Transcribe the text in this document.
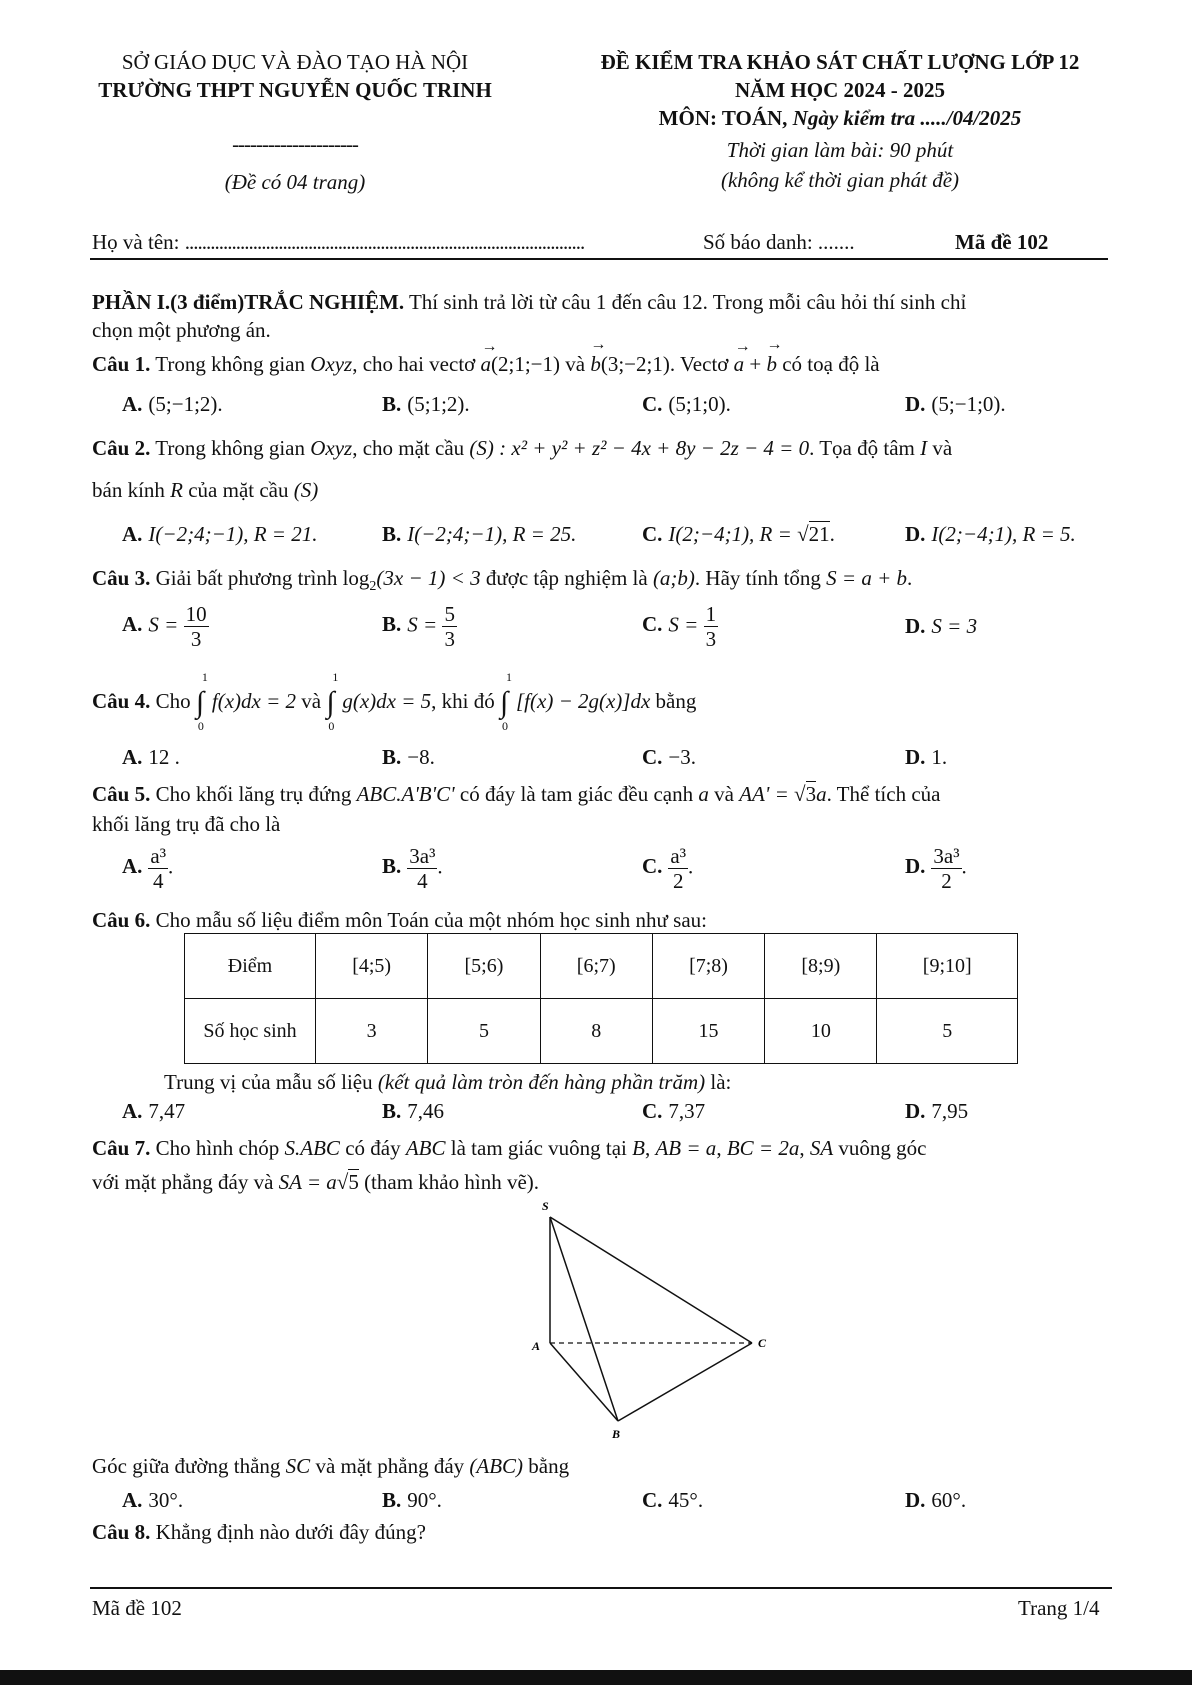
SỞ GIÁO DỤC VÀ ĐÀO TẠO HÀ NỘI
TRƯỜNG THPT NGUYỄN QUỐC TRINH
---------------------
(Đề có 04 trang)
ĐỀ KIỂM TRA KHẢO SÁT CHẤT LƯỢNG LỚP 12
NĂM HỌC 2024 - 2025
MÔN: TOÁN, Ngày kiểm tra ...../04/2025
Thời gian làm bài: 90 phút
(không kể thời gian phát đề)
Họ và tên: ..............................................................................................	Số báo danh: .......	Mã đề 102
PHẦN I.(3 điểm)TRẮC NGHIỆM. Thí sinh trả lời từ câu 1 đến câu 12. Trong mỗi câu hỏi thí sinh chỉ
chọn một phương án.
Câu 1. Trong không gian Oxyz, cho hai vectơ
→
a(2;1;−1) và
→
b(3;−2;1). Vectơ
→
a +
→
b có toạ độ là
A. (5;−1;2).	B. (5;1;2).	C. (5;1;0).	D. (5;−1;0).
Câu 2. Trong không gian Oxyz, cho mặt cầu (S) : x² + y² + z² − 4x + 8y − 2z − 4 = 0. Tọa độ tâm I và
bán kính R của mặt cầu (S)
A. I(−2;4;−1), R = 21.	B. I(−2;4;−1), R = 25.	C. I(2;−4;1), R = √21.	D. I(2;−4;1), R = 5.
Câu 3. Giải bất phương trình $\log_2(3x - 1) < 3$ được tập nghiệm là (a;b). Hãy tính tổng S = a + b.
A. $S = \frac{10}{3}$	B. $S = \frac{5}{3}$	C. $S = \frac{1}{3}$	D. S = 3
Câu 4. Cho ∫
1
0
f(x)dx = 2 và ∫
1
0
g(x)dx = 5, khi đó ∫
1
0
[f(x) − 2g(x)]dx bằng
A. 12 .	B. −8.	C. −3.	D. 1.
Câu 5. Cho khối lăng trụ đứng ABC.A'B'C' có đáy là tam giác đều cạnh a và AA' = √3a. Thể tích của
khối lăng trụ đã cho là
A. $\frac{\text{a³}}{4}$ .	B. $\frac{\text{3a³}}{4}$ .	C. $\frac{\text{a³}}{2}$ .	D. $\frac{\text{3a³}}{2}$ .
Câu 6. Cho mẫu số liệu điểm môn Toán của một nhóm học sinh như sau:
Điểm	[4;5)	[5;6)	[6;7)	[7;8)	[8;9)	[9;10]
Số học sinh	3	5	8	15	10	5
Trung vị của mẫu số liệu (kết quả làm tròn đến hàng phần trăm) là:
A. 7,47	B. 7,46	C. 7,37	D. 7,95
Câu 7. Cho hình chóp S.ABC có đáy ABC là tam giác vuông tại B, AB = a, BC = 2a, SA vuông góc
với mặt phẳng đáy và SA = a√5 (tham khảo hình vẽ).
S
A
B
C
Góc giữa đường thẳng SC và mặt phẳng đáy (ABC) bằng
A. 30°.	B. 90°.	C. 45°.	D. 60°.
Câu 8. Khẳng định nào dưới đây đúng?
Mã đề 102	Trang 1/4
